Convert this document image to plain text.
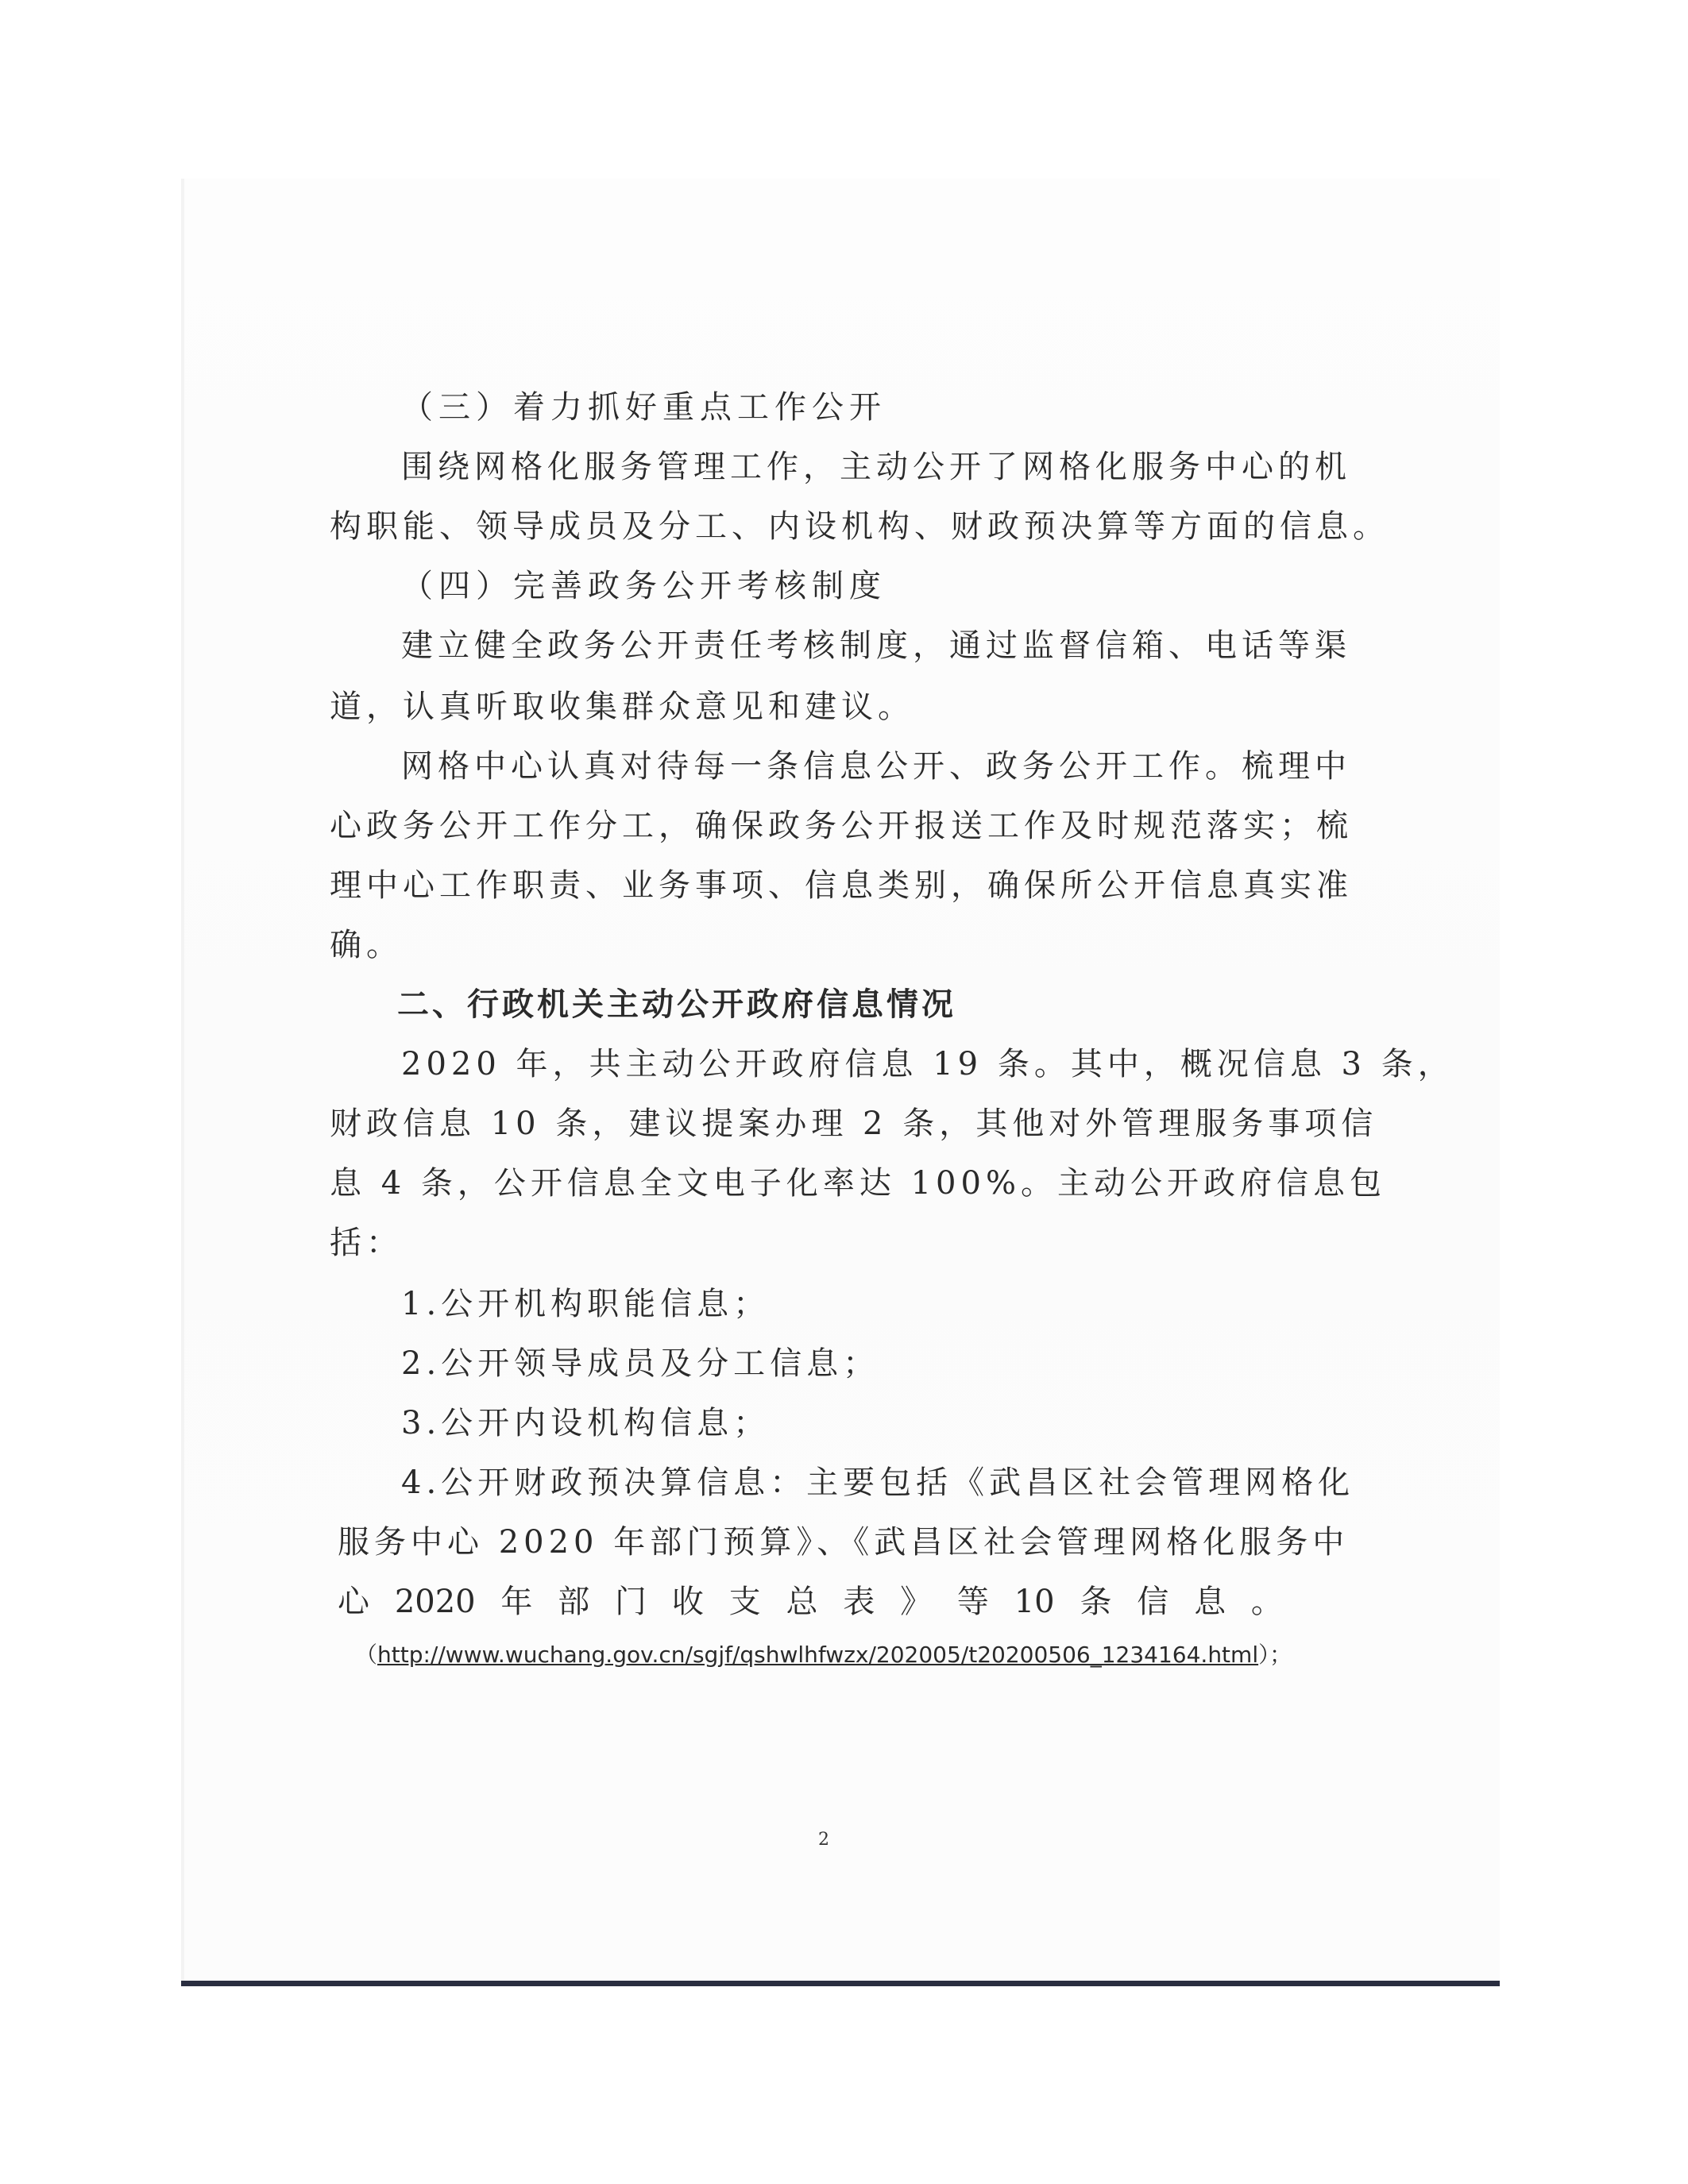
（三）着力抓好重点工作公开
围绕网格化服务管理工作，主动公开了网格化服务中心的机
构职能、领导成员及分工、内设机构、财政预决算等方面的信息。
（四）完善政务公开考核制度
建立健全政务公开责任考核制度，通过监督信箱、电话等渠
道，认真听取收集群众意见和建议。
网格中心认真对待每一条信息公开、政务公开工作。梳理中
心政务公开工作分工，确保政务公开报送工作及时规范落实；梳
理中心工作职责、业务事项、信息类别，确保所公开信息真实准
确。
二、行政机关主动公开政府信息情况
2020 年，共主动公开政府信息 19 条。其中，概况信息 3 条，
财政信息 10 条，建议提案办理 2 条，其他对外管理服务事项信
息 4 条，公开信息全文电子化率达 100%。主动公开政府信息包
括：
1.公开机构职能信息；
2.公开领导成员及分工信息；
3.公开内设机构信息；
4.公开财政预决算信息：主要包括《武昌区社会管理网格化
服务中心 2020 年部门预算》、《武昌区社会管理网格化服务中
心 2020 年 部 门 收 支 总 表 》 等 10 条 信 息 。
（http://www.wuchang.gov.cn/sgjf/qshwlhfwzx/202005/t20200506_1234164.html）；
2
